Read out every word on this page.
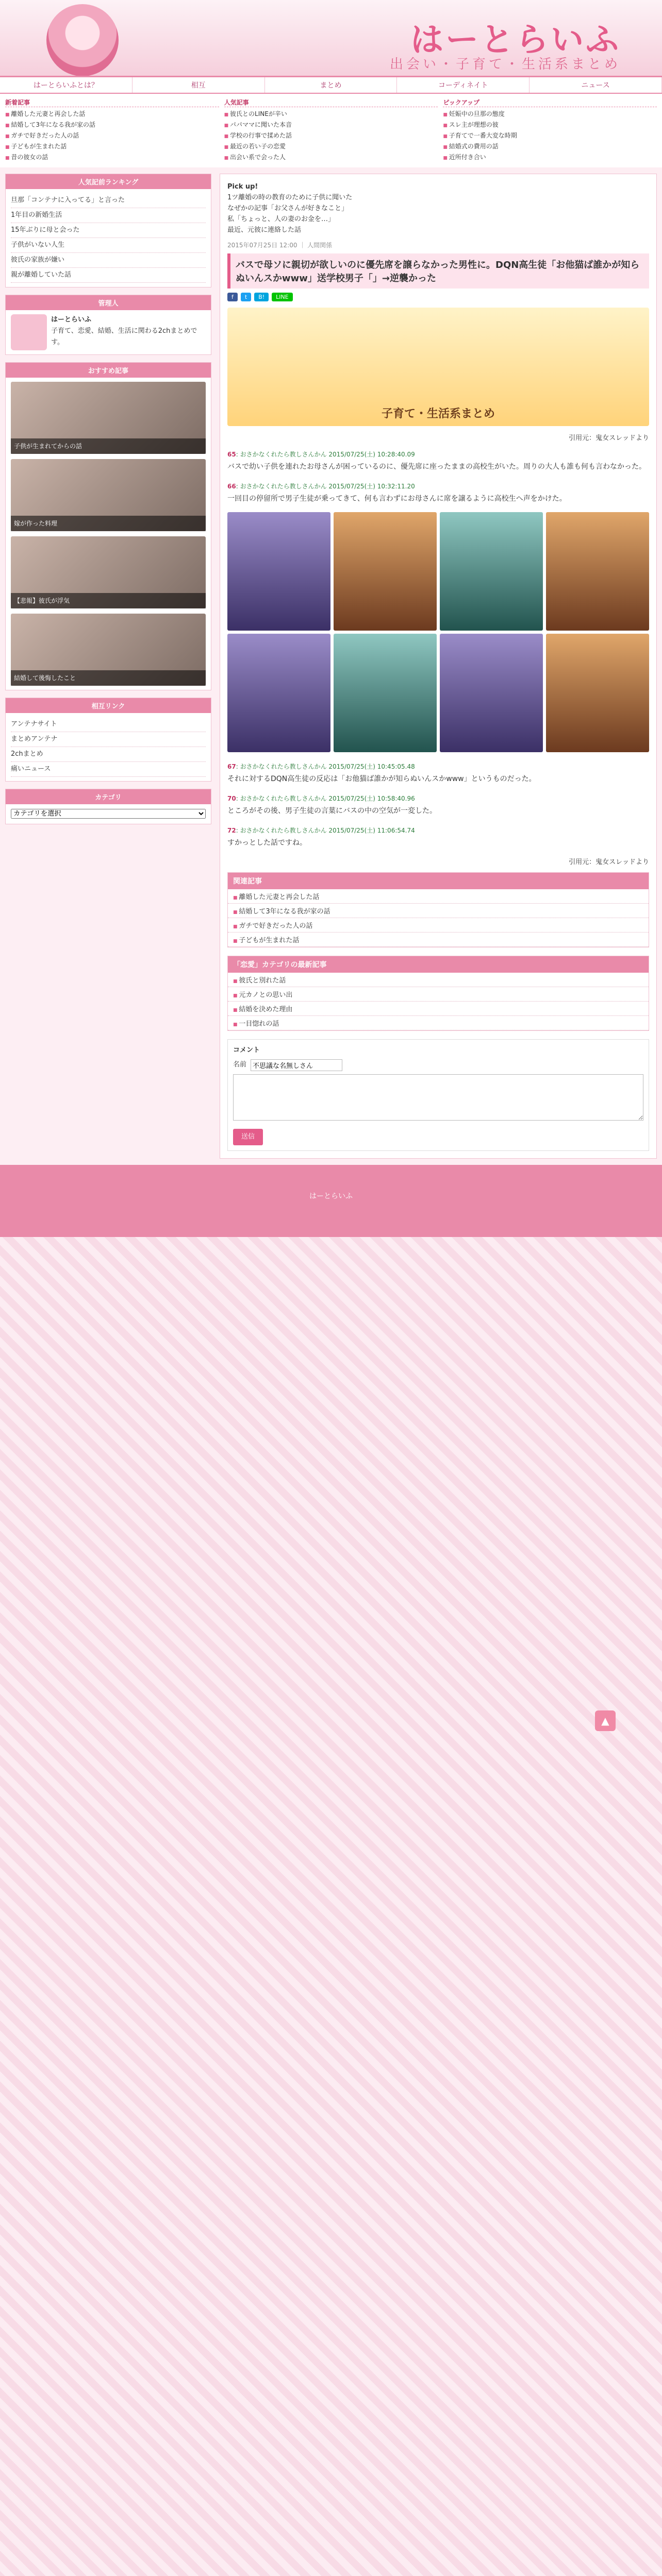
はーとらいふ
出会い・子育て・生活系まとめ
はーとらいふとは？	相互	まとめ	コーディネイト	ニュース
新着記事
■ 離婚した元妻と再会した話
■ 結婚して3年になる我が家の話
■ ガチで好きだった人の話
■ 子どもが生まれた話
■ 昔の彼女の話
人気記事
■ 彼氏とのLINEが辛い
■ パパママに聞いた本音
■ 学校の行事で揉めた話
■ 最近の若い子の恋愛
■ 出会い系で会った人
ピックアップ
■ 妊娠中の旦那の態度
■ スレ主が理想の彼
■ 子育てで一番大変な時期
■ 結婚式の費用の話
■ 近所付き合い
人気記前ランキング
旦那「コンテナに入ってる」と言った
1年目の新婚生活
15年ぶりに母と会った
子供がいない人生
彼氏の家族が嫌い
親が離婚していた話
管理人
はーとらいふ

子育て、恋愛、結婚、生活に関わる2chまとめです。

おすすめ記事
子供が生まれてからの話
嫁が作った料理
【悲報】彼氏が浮気
結婚して後悔したこと
相互リンク
アンテナサイト
まとめアンテナ
2chまとめ
痛いニュース
カテゴリ
カテゴリを選択
Pick up!
1ツ離婚の時の教育のために子供に聞いた
なぜかの記事「お父さんが好きなこと」
私「ちょっと、人の妻のお金を…」
最近、元彼に連絡した話
2015年07月25日 12:00 ｜ 人間関係
バスで母ソに親切が欲しいのに優先席を譲らなかった男性に。DQN高生徒「お他猫ば誰かが知らぬいんスかwww」送学校男子「」→逆襲かった
f	t	B!	LINE
子育て・生活系まとめ
引用元：鬼女スレッドより
65: おさかなくれたら教しさんかん 2015/07/25(土) 10:28:40.09

バスで幼い子供を連れたお母さんが困っているのに、優先席に座ったままの高校生がいた。周りの大人も誰も何も言わなかった。

66: おさかなくれたら教しさんかん 2015/07/25(土) 10:32:11.20

一回目の停留所で男子生徒が乗ってきて、何も言わずにお母さんに席を譲るように高校生へ声をかけた。

67: おさかなくれたら教しさんかん 2015/07/25(土) 10:45:05.48

それに対するDQN高生徒の反応は「お他猫ば誰かが知らぬいんスかwww」というものだった。

70: おさかなくれたら教しさんかん 2015/07/25(土) 10:58:40.96

ところがその後、男子生徒の言葉にバスの中の空気が一変した。

72: おさかなくれたら教しさんかん 2015/07/25(土) 11:06:54.74

すかっとした話ですね。

引用元：鬼女スレッドより
関連記事
■ 離婚した元妻と再会した話
■ 結婚して3年になる我が家の話
■ ガチで好きだった人の話
■ 子どもが生まれた話
「恋愛」カテゴリの最新記事
■ 彼氏と別れた話
■ 元カノとの思い出
■ 結婚を決めた理由
■ 一目惚れの話
コメント
名前
不思議な名無しさん
送信
はーとらいふ
▲
